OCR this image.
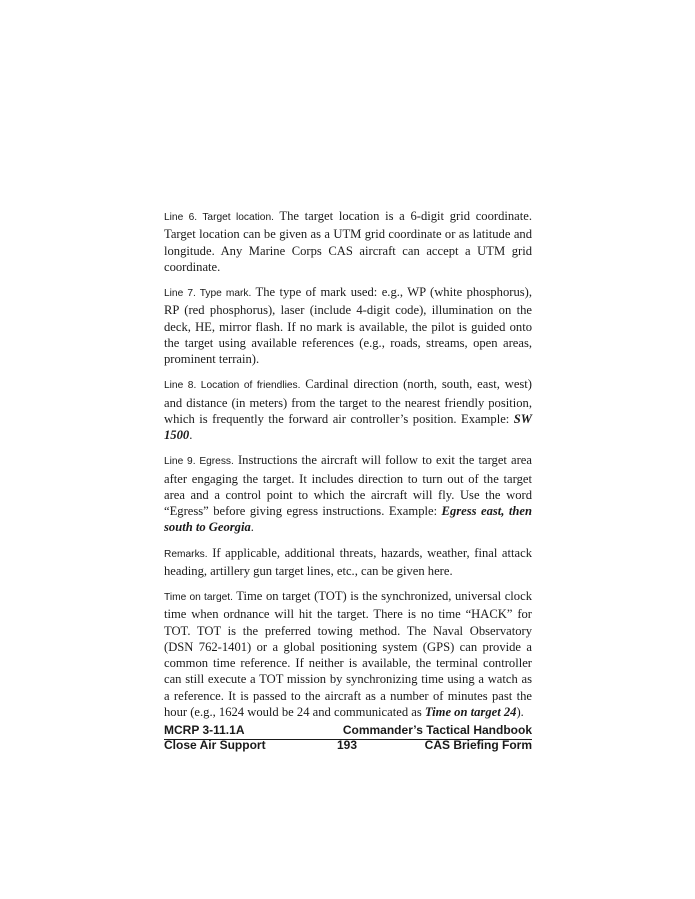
Line 6. Target location. The target location is a 6-digit grid coordinate. Target location can be given as a UTM grid coordinate or as latitude and longitude. Any Marine Corps CAS aircraft can accept a UTM grid coordinate.

Line 7. Type mark. The type of mark used: e.g., WP (white phosphorus), RP (red phosphorus), laser (include 4-digit code), illumination on the deck, HE, mirror flash. If no mark is available, the pilot is guided onto the target using available references (e.g., roads, streams, open areas, prominent terrain).

Line 8. Location of friendlies. Cardinal direction (north, south, east, west) and distance (in meters) from the target to the nearest friendly position, which is frequently the forward air controller’s position. Example: SW 1500.

Line 9. Egress. Instructions the aircraft will follow to exit the target area after engaging the target. It includes direction to turn out of the target area and a control point to which the aircraft will fly. Use the word “Egress” before giving egress instructions. Example: Egress east, then south to Georgia.

Remarks. If applicable, additional threats, hazards, weather, final attack heading, artillery gun target lines, etc., can be given here.

Time on target. Time on target (TOT) is the synchronized, universal clock time when ordnance will hit the target. There is no time “HACK” for TOT. TOT is the preferred towing method. The Naval Observatory (DSN 762-1401) or a global positioning system (GPS) can provide a common time reference. If neither is available, the terminal controller can still execute a TOT mission by synchronizing time using a watch as a reference. It is passed to the aircraft as a number of minutes past the hour (e.g., 1624 would be 24 and communicated as Time on target 24).

MCRP 3-11.1A	Commander’s Tactical Handbook
Close Air Support	193	CAS Briefing Form
